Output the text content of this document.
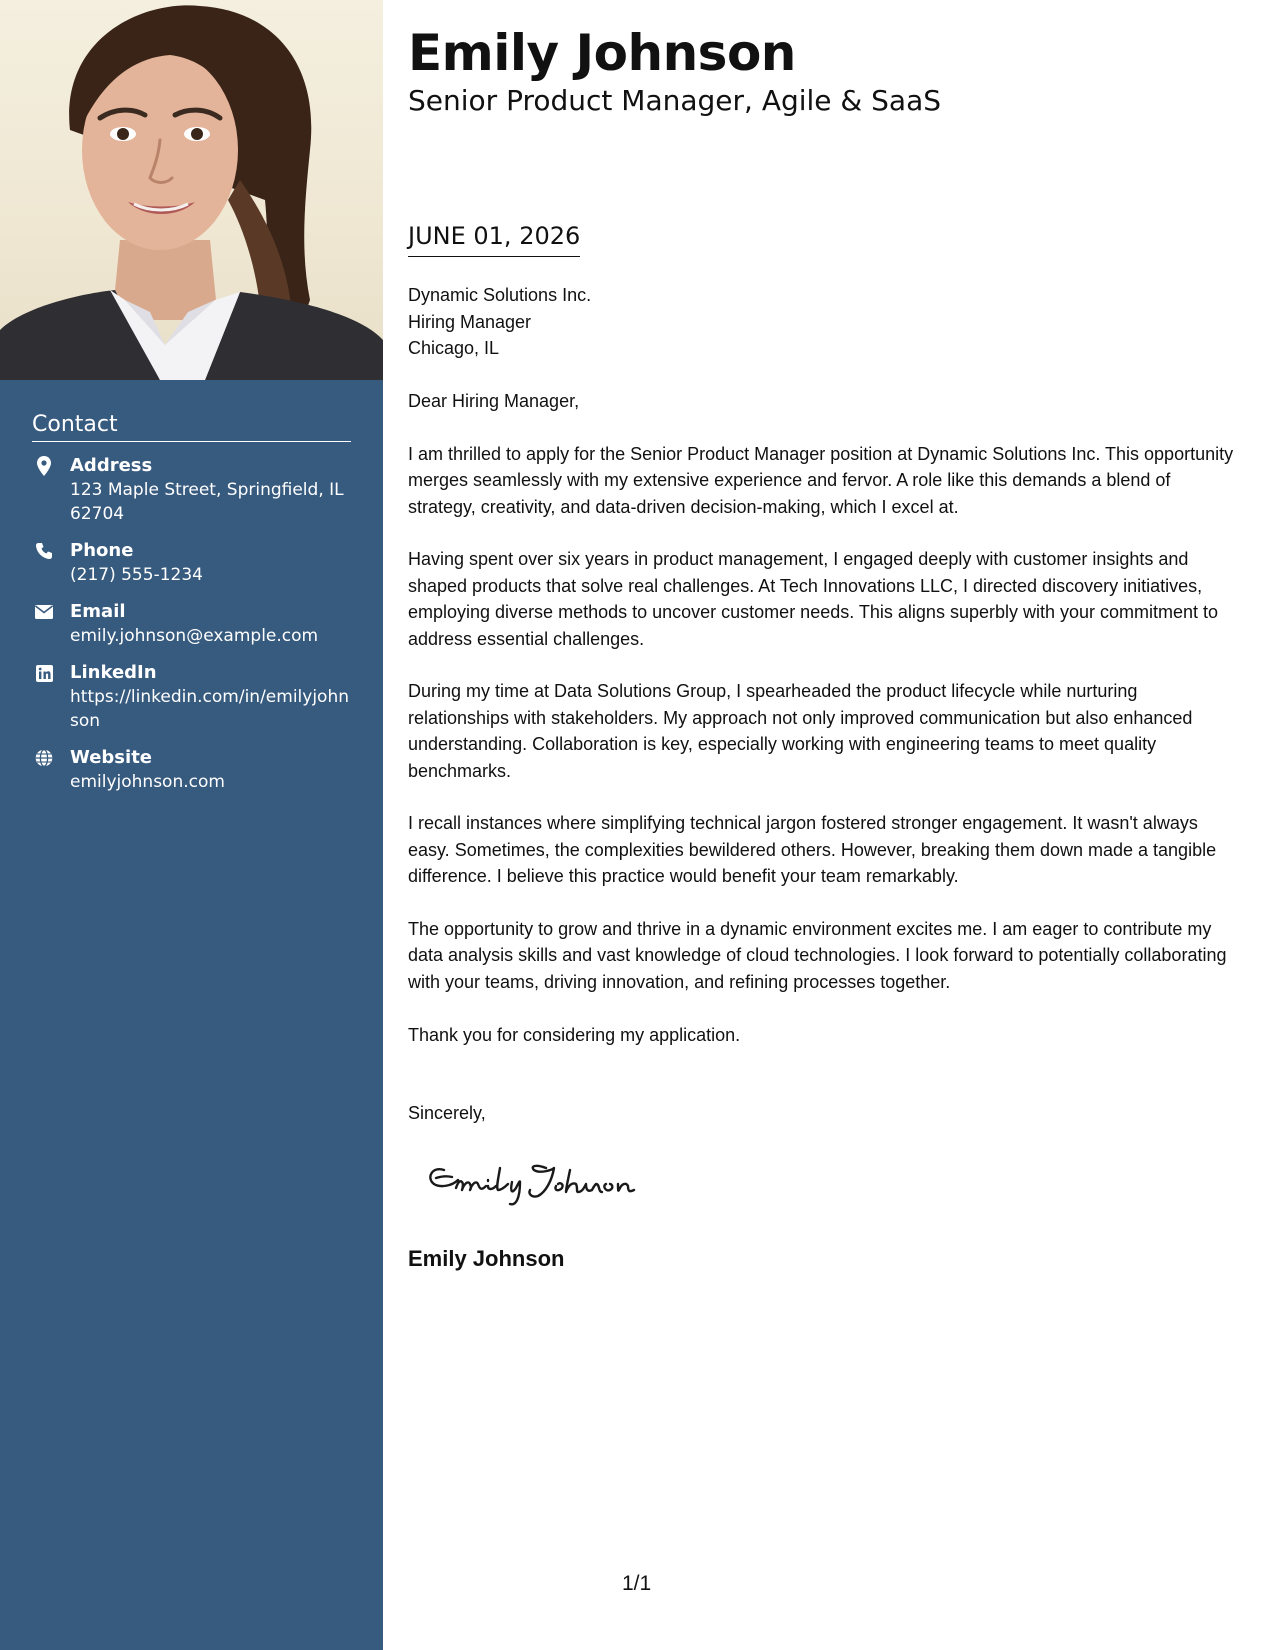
Contact
Address
123 Maple Street, Springfield, IL 62704
Phone
(217) 555-1234
Email
emily.johnson@example.com
LinkedIn
https://linkedin.com/in/emilyjohnson
Website
emilyjohnson.com
Emily Johnson
Senior Product Manager, Agile & SaaS
JUNE 01, 2026
Dynamic Solutions Inc.
Hiring Manager
Chicago, IL

Dear Hiring Manager,

I am thrilled to apply for the Senior Product Manager position at Dynamic Solutions Inc. This opportunity merges seamlessly with my extensive experience and fervor. A role like this demands a blend of strategy, creativity, and data-driven decision-making, which I excel at.

Having spent over six years in product management, I engaged deeply with customer insights and shaped products that solve real challenges. At Tech Innovations LLC, I directed discovery initiatives, employing diverse methods to uncover customer needs. This aligns superbly with your commitment to address essential challenges.

During my time at Data Solutions Group, I spearheaded the product lifecycle while nurturing relationships with stakeholders. My approach not only improved communication but also enhanced understanding. Collaboration is key, especially working with engineering teams to meet quality benchmarks.

I recall instances where simplifying technical jargon fostered stronger engagement. It wasn't always easy. Sometimes, the complexities bewildered others. However, breaking them down made a tangible difference. I believe this practice would benefit your team remarkably.

The opportunity to grow and thrive in a dynamic environment excites me. I am eager to contribute my data analysis skills and vast knowledge of cloud technologies. I look forward to potentially collaborating with your teams, driving innovation, and refining processes together.

Thank you for considering my application.

Sincerely,
Emily Johnson
1/1
